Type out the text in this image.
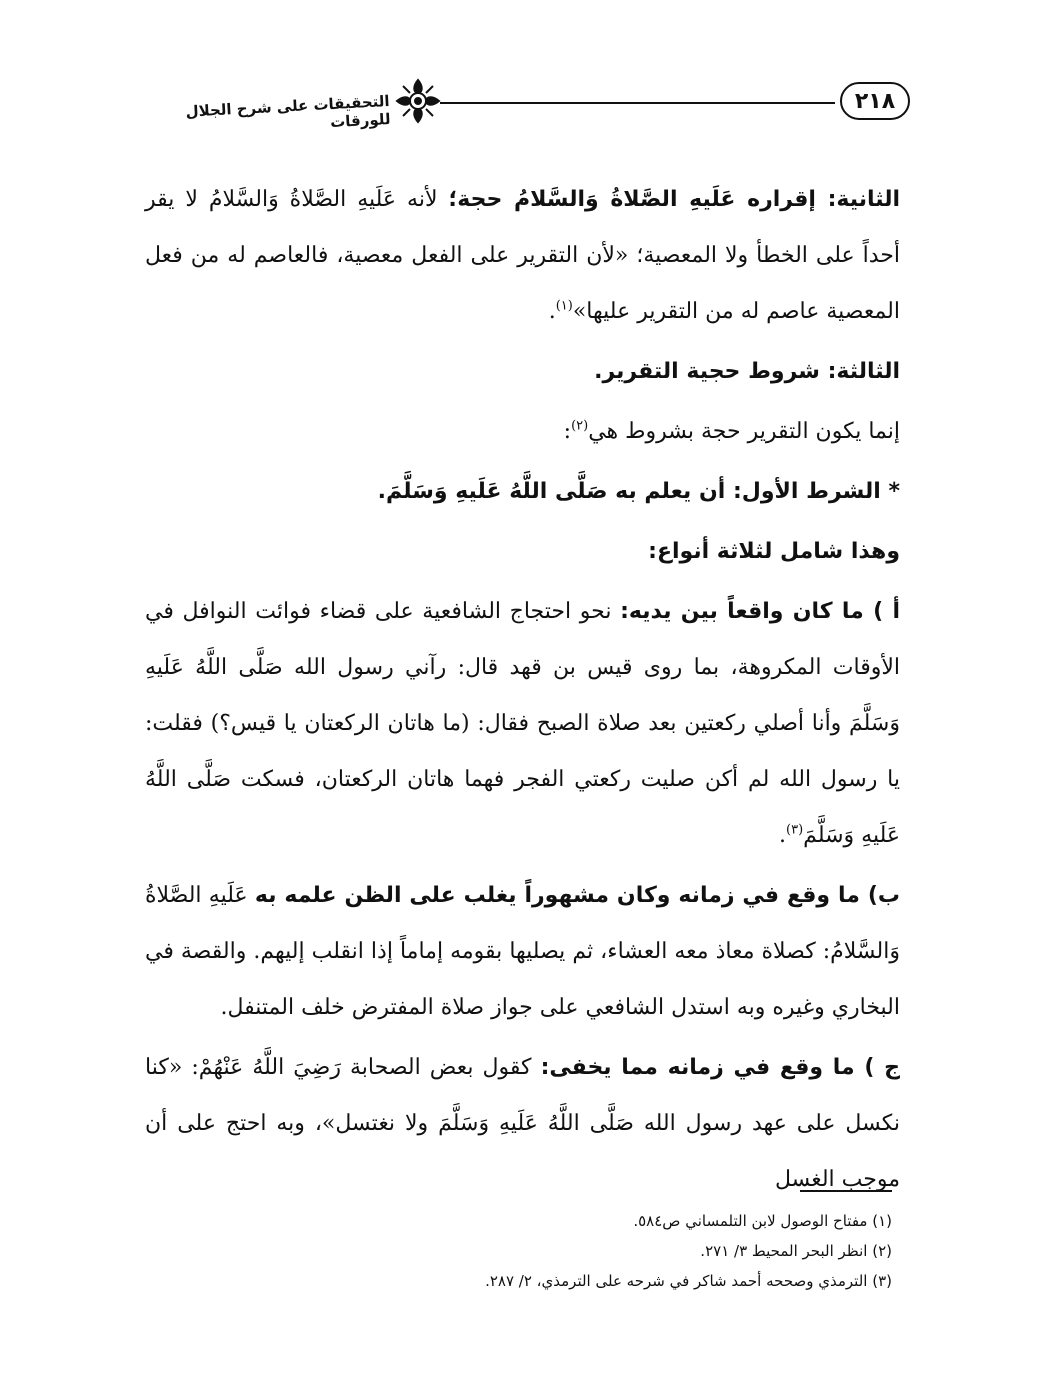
التحقيقات على شرح الجلال للورقات
٢١٨

الثانية: إقراره عَلَيهِ الصَّلاةُ وَالسَّلامُ حجة؛ لأنه عَلَيهِ الصَّلاةُ وَالسَّلامُ لا يقر أحداً على الخطأ ولا المعصية؛ «لأن التقرير على الفعل معصية، فالعاصم له من فعل المعصية عاصم له من التقرير عليها»$^{(١)}$.

الثالثة: شروط حجية التقرير.

إنما يكون التقرير حجة بشروط هي$^{(٢)}$:

* الشرط الأول: أن يعلم به صَلَّى اللَّهُ عَلَيهِ وَسَلَّمَ.

وهذا شامل لثلاثة أنواع:

أ ) ما كان واقعاً بين يديه: نحو احتجاج الشافعية على قضاء فوائت النوافل في الأوقات المكروهة، بما روى قيس بن قهد قال: رآني رسول الله صَلَّى اللَّهُ عَلَيهِ وَسَلَّمَ وأنا أصلي ركعتين بعد صلاة الصبح فقال: (ما هاتان الركعتان يا قيس؟) فقلت: يا رسول الله لم أكن صليت ركعتي الفجر فهما هاتان الركعتان، فسكت صَلَّى اللَّهُ عَلَيهِ وَسَلَّمَ$^{(٣)}$.

ب) ما وقع في زمانه وكان مشهوراً يغلب على الظن علمه به عَلَيهِ الصَّلاةُ وَالسَّلامُ: كصلاة معاذ معه العشاء، ثم يصليها بقومه إماماً إذا انقلب إليهم. والقصة في البخاري وغيره وبه استدل الشافعي على جواز صلاة المفترض خلف المتنفل.

ج ) ما وقع في زمانه مما يخفى: كقول بعض الصحابة رَضِيَ اللَّهُ عَنْهُمْ: «كنا نكسل على عهد رسول الله صَلَّى اللَّهُ عَلَيهِ وَسَلَّمَ ولا نغتسل»، وبه احتج على أن موجب الغسل

(١) مفتاح الوصول لابن التلمساني ص٥٨٤.

(٢) انظر البحر المحيط ٣/ ٢٧١.

(٣) الترمذي وصححه أحمد شاكر في شرحه على الترمذي، ٢/ ٢٨٧.
